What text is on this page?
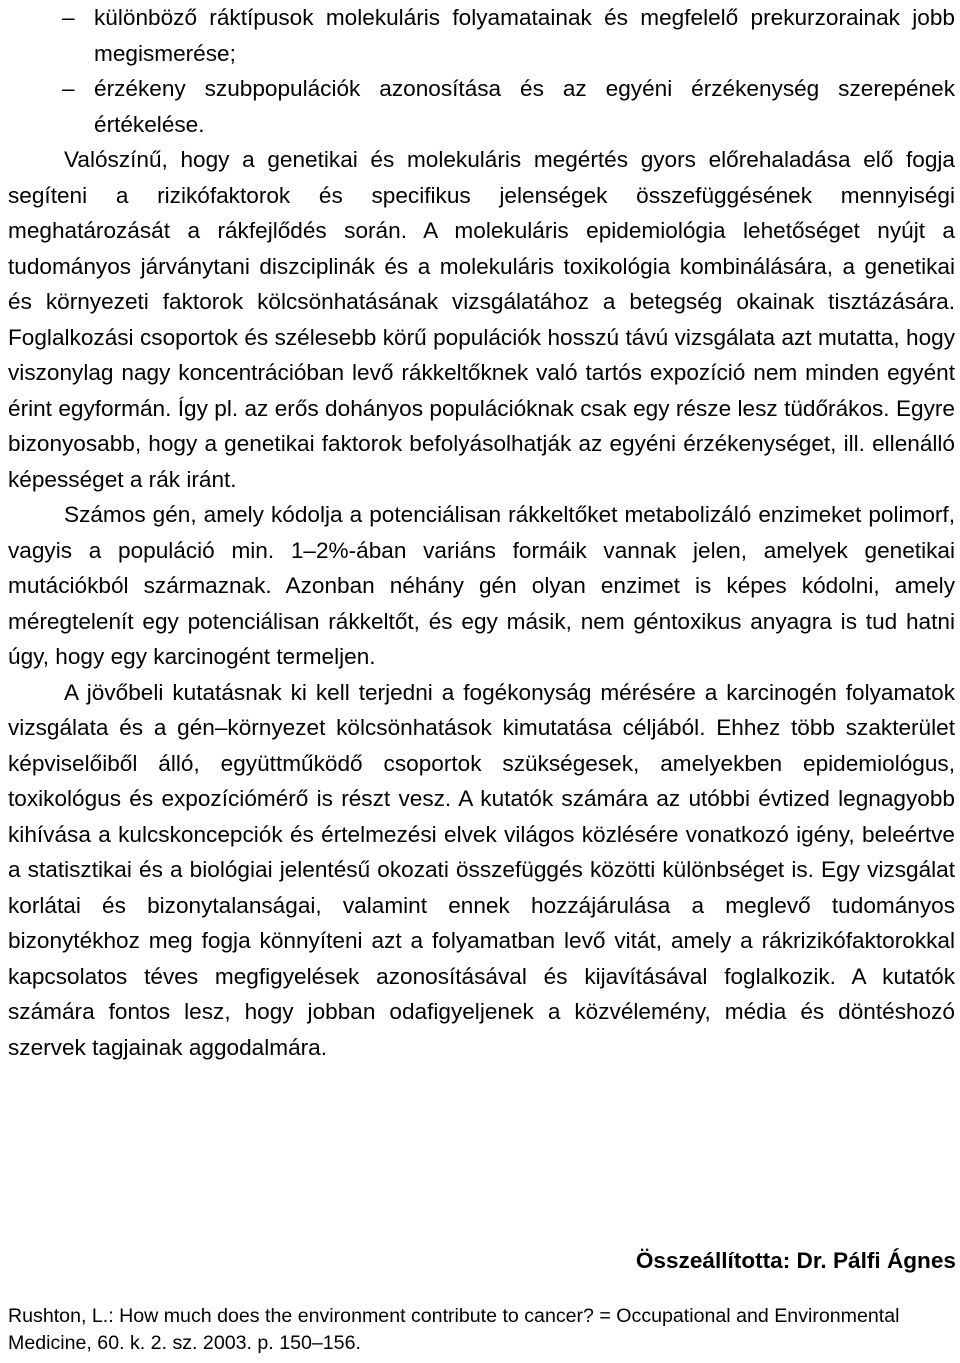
– különböző ráktípusok molekuláris folyamatainak és megfelelő prekurzorainak jobb megismerése;

– érzékeny szubpopulációk azonosítása és az egyéni érzékenység szerepének értékelése.

Valószínű, hogy a genetikai és molekuláris megértés gyors előrehaladása elő fogja segíteni a rizikófaktorok és specifikus jelenségek összefüggésének mennyiségi meghatározását a rákfejlődés során. A molekuláris epidemiológia lehetőséget nyújt a tudományos járványtani diszciplinák és a molekuláris toxikológia kombinálására, a genetikai és környezeti faktorok kölcsönhatásának vizsgálatához a betegség okainak tisztázására. Foglalkozási csoportok és szélesebb körű populációk hosszú távú vizsgálata azt mutatta, hogy viszonylag nagy koncentrációban levő rákkeltőknek való tartós expozíció nem minden egyént érint egyformán. Így pl. az erős dohányos populációknak csak egy része lesz tüdőrákos. Egyre bizonyosabb, hogy a genetikai faktorok befolyásolhatják az egyéni érzékenységet, ill. ellenálló képességet a rák iránt.

Számos gén, amely kódolja a potenciálisan rákkeltőket metabolizáló enzimeket polimorf, vagyis a populáció min. 1–2%-ában variáns formáik vannak jelen, amelyek genetikai mutációkból származnak. Azonban néhány gén olyan enzimet is képes kódolni, amely méregtelenít egy potenciálisan rákkeltőt, és egy másik, nem géntoxikus anyagra is tud hatni úgy, hogy egy karcinogént termeljen.

A jövőbeli kutatásnak ki kell terjedni a fogékonyság mérésére a karcinogén folyamatok vizsgálata és a gén–környezet kölcsönhatások kimutatása céljából. Ehhez több szakterület képviselőiből álló, együttműködő csoportok szükségesek, amelyekben epidemiológus, toxikológus és expozíciómérő is részt vesz. A kutatók számára az utóbbi évtized legnagyobb kihívása a kulcskoncepciók és értelmezési elvek világos közlésére vonatkozó igény, beleértve a statisztikai és a biológiai jelentésű okozati összefüggés közötti különbséget is. Egy vizsgálat korlátai és bizonytalanságai, valamint ennek hozzájárulása a meglevő tudományos bizonytékhoz meg fogja könnyíteni azt a folyamatban levő vitát, amely a rákrizikófaktorokkal kapcsolatos téves megfigyelések azonosításával és kijavításával foglalkozik. A kutatók számára fontos lesz, hogy jobban odafigyeljenek a közvélemény, média és döntéshozó szervek tagjainak aggodalmára.

Összeállította: Dr. Pálfi Ágnes
Rushton, L.: How much does the environment contribute to cancer? = Occupational and Environmental Medicine, 60. k. 2. sz. 2003. p. 150–156.
